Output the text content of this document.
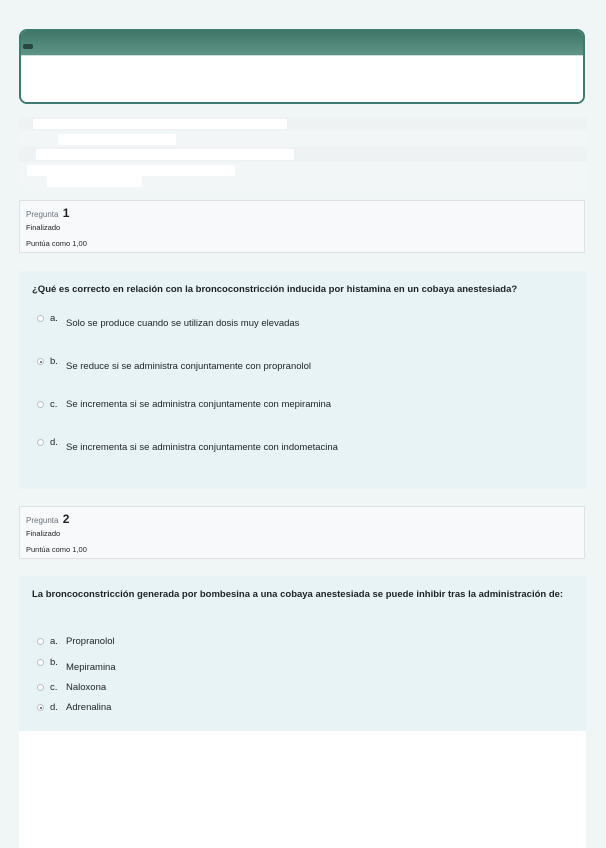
Pregunta 1
Finalizado
Puntúa como 1,00
¿Qué es correcto en relación con la broncoconstricción inducida por histamina en un cobaya anestesiada?
a. Solo se produce cuando se utilizan dosis muy elevadas
b. Se reduce si se administra conjuntamente con propranolol
c. Se incrementa si se administra conjuntamente con mepiramina
d. Se incrementa si se administra conjuntamente con indometacina
Pregunta 2
Finalizado
Puntúa como 1,00
La broncoconstricción generada por bombesina a una cobaya anestesiada se puede inhibir tras la administración de:
a. Propranolol
b. Mepiramina
c. Naloxona
d. Adrenalina
